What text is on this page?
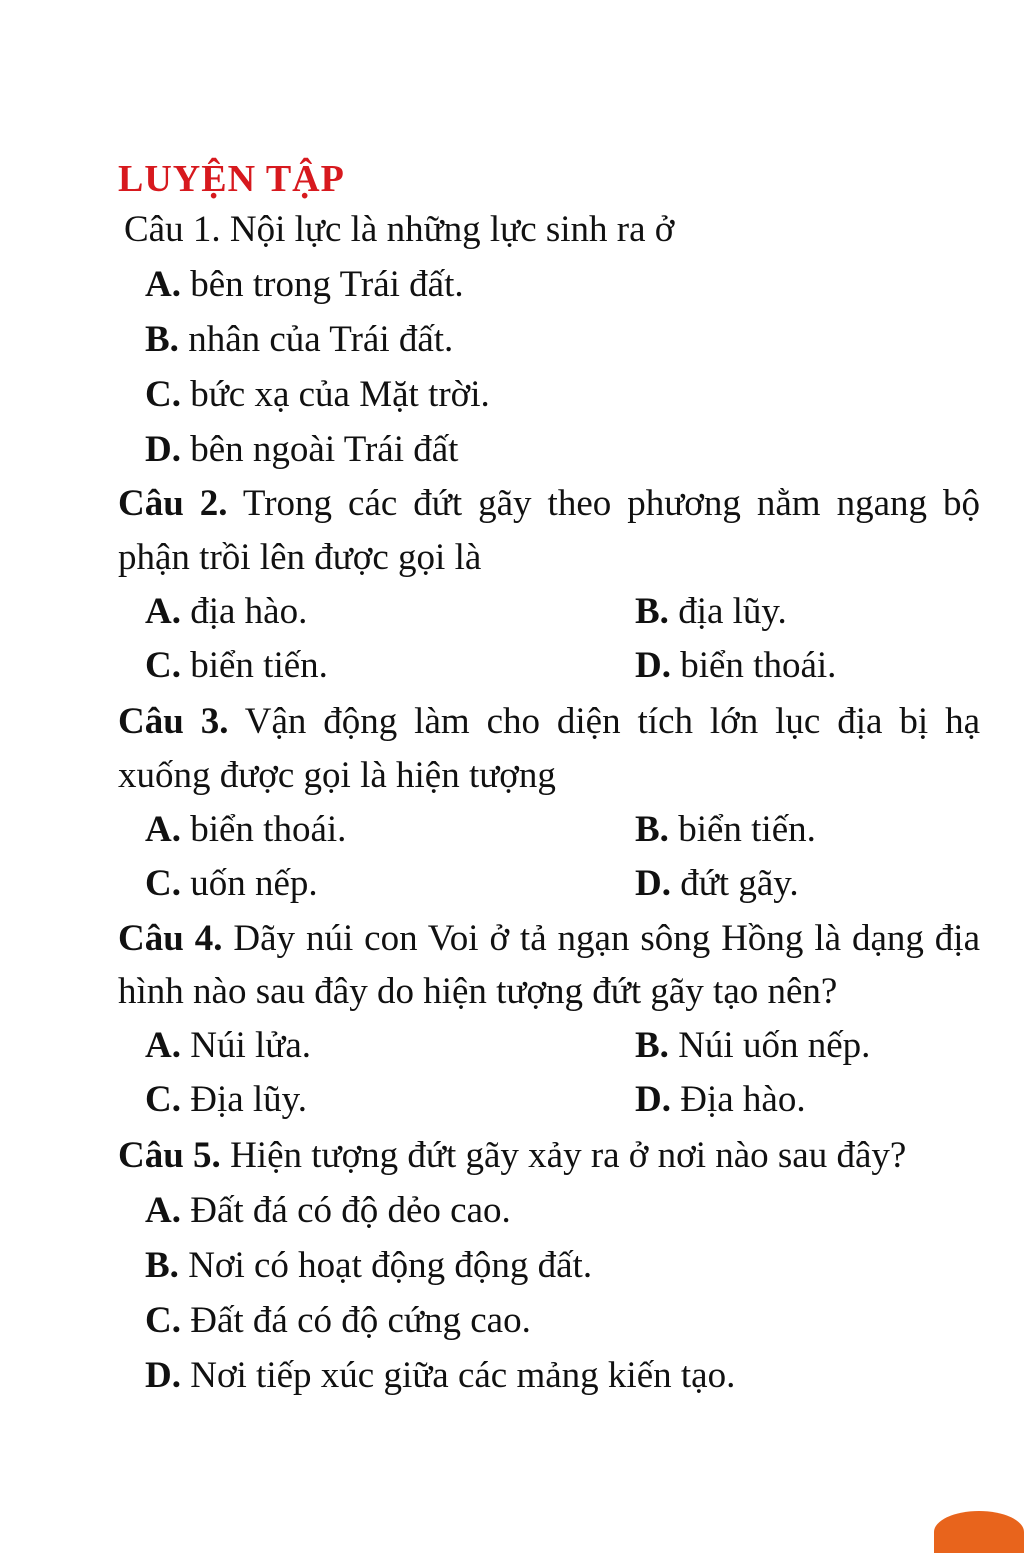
LUYỆN TẬP
Câu 1. Nội lực là những lực sinh ra ở
A. bên trong Trái đất.
B. nhân của Trái đất.
C. bức xạ của Mặt trời.
D. bên ngoài Trái đất
Câu 2. Trong các đứt gãy theo phương nằm ngang bộ
phận trồi lên được gọi là
A. địa hào.	B. địa lũy.
C. biển tiến.	D. biển thoái.
Câu 3. Vận động làm cho diện tích lớn lục địa bị hạ
xuống được gọi là hiện tượng
A. biển thoái.	B. biển tiến.
C. uốn nếp.	D. đứt gãy.
Câu 4. Dãy núi con Voi ở tả ngạn sông Hồng là dạng địa
hình nào sau đây do hiện tượng đứt gãy tạo nên?
A. Núi lửa.	B. Núi uốn nếp.
C. Địa lũy.	D. Địa hào.
Câu 5. Hiện tượng đứt gãy xảy ra ở nơi nào sau đây?
A. Đất đá có độ dẻo cao.
B. Nơi có hoạt động động đất.
C. Đất đá có độ cứng cao.
D. Nơi tiếp xúc giữa các mảng kiến tạo.
